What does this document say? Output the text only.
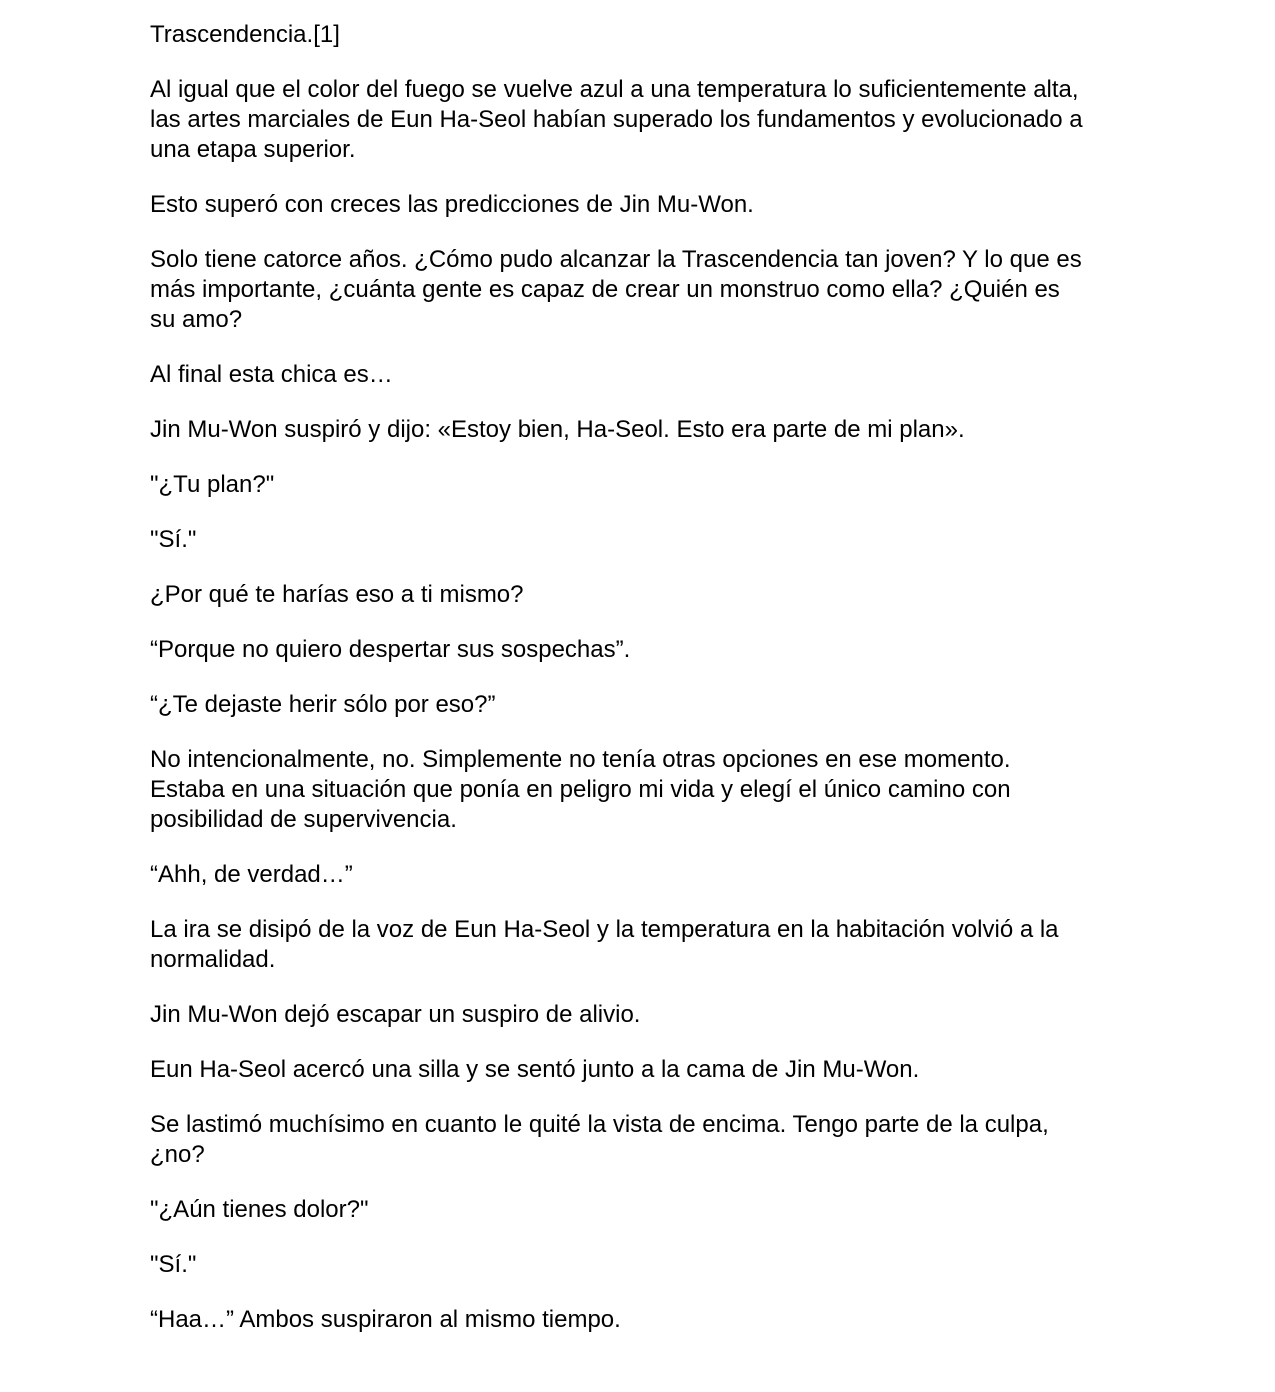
Trascendencia.[1]

Al igual que el color del fuego se vuelve azul a una temperatura lo suficientemente alta,
las artes marciales de Eun Ha-Seol habían superado los fundamentos y evolucionado a
una etapa superior.

Esto superó con creces las predicciones de Jin Mu-Won.

Solo tiene catorce años. ¿Cómo pudo alcanzar la Trascendencia tan joven? Y lo que es
más importante, ¿cuánta gente es capaz de crear un monstruo como ella? ¿Quién es
su amo?

Al final esta chica es…

Jin Mu-Won suspiró y dijo: «Estoy bien, Ha-Seol. Esto era parte de mi plan».

"¿Tu plan?"

"Sí."

¿Por qué te harías eso a ti mismo?

“Porque no quiero despertar sus sospechas”.

“¿Te dejaste herir sólo por eso?”

No intencionalmente, no. Simplemente no tenía otras opciones en ese momento.
Estaba en una situación que ponía en peligro mi vida y elegí el único camino con
posibilidad de supervivencia.

“Ahh, de verdad…”

La ira se disipó de la voz de Eun Ha-Seol y la temperatura en la habitación volvió a la
normalidad.

Jin Mu-Won dejó escapar un suspiro de alivio.

Eun Ha-Seol acercó una silla y se sentó junto a la cama de Jin Mu-Won.

Se lastimó muchísimo en cuanto le quité la vista de encima. Tengo parte de la culpa,
¿no?

"¿Aún tienes dolor?"

"Sí."

“Haa…” Ambos suspiraron al mismo tiempo.
